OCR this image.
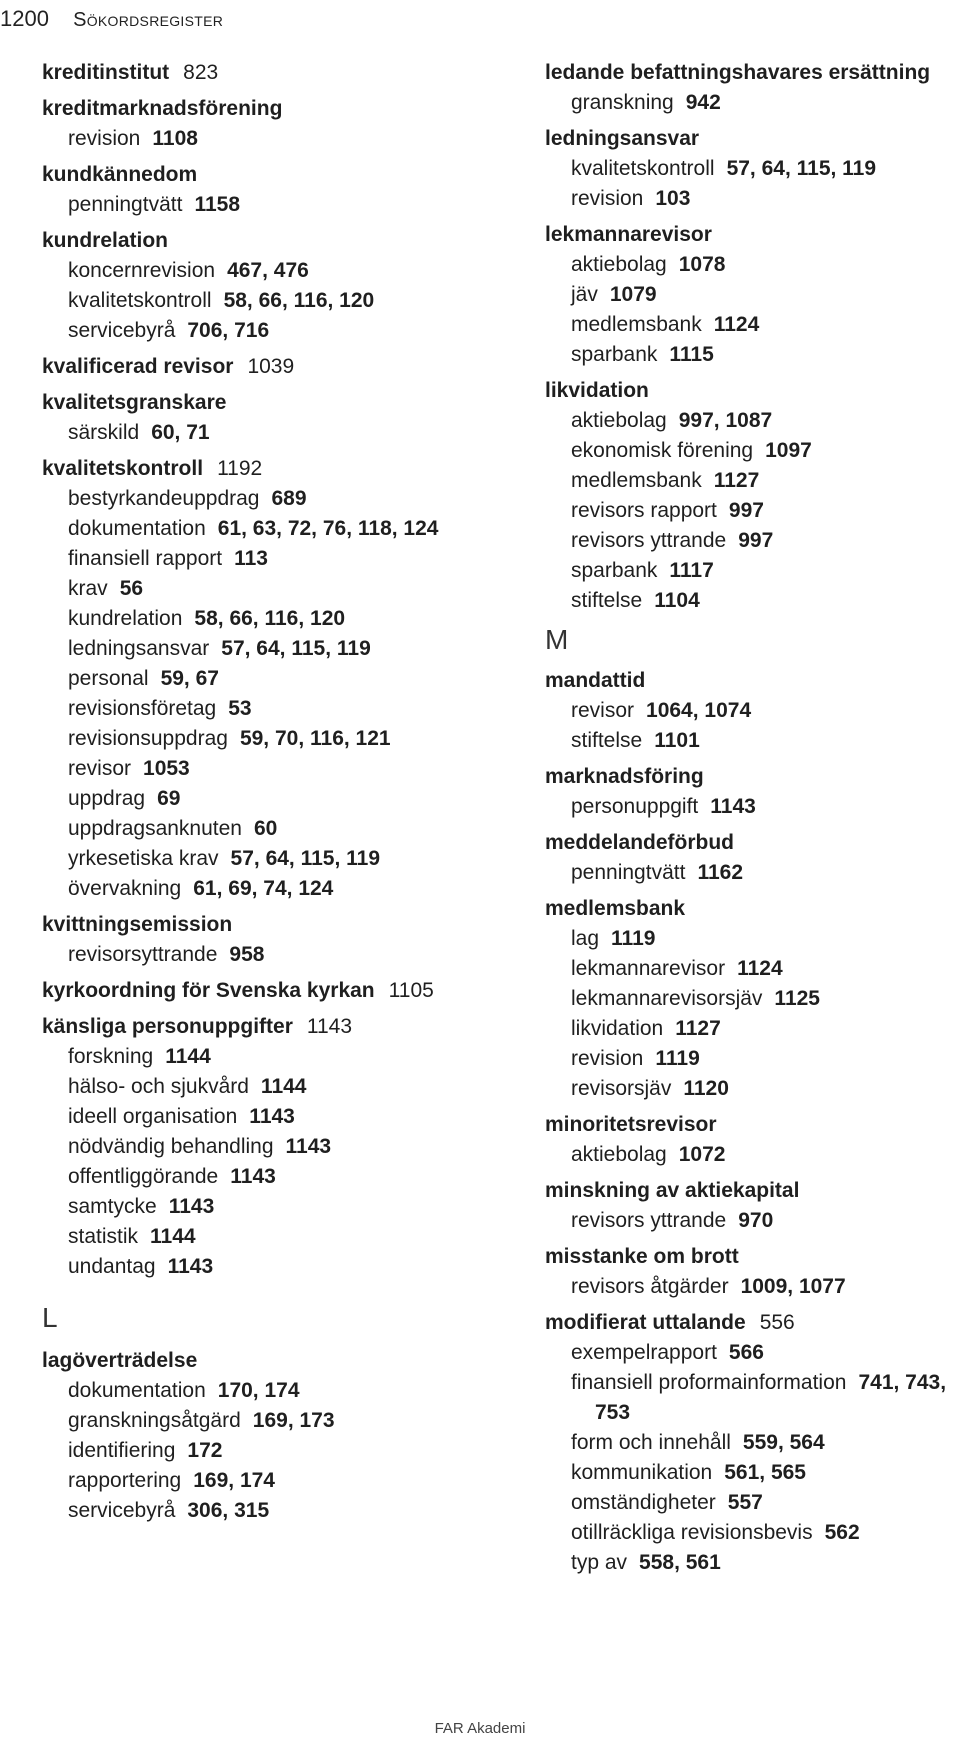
1200 Sökordsregister
kreditinstitut 823
kreditmarknadsförening
revision 1108
kundkännedom
penningtvätt 1158
kundrelation
koncernrevision 467, 476
kvalitetskontroll 58, 66, 116, 120
servicebyrå 706, 716
kvalificerad revisor 1039
kvalitetsgranskare
särskild 60, 71
kvalitetskontroll 1192
bestyrkandeuppdrag 689
dokumentation 61, 63, 72, 76, 118, 124
finansiell rapport 113
krav 56
kundrelation 58, 66, 116, 120
ledningsansvar 57, 64, 115, 119
personal 59, 67
revisionsföretag 53
revisionsuppdrag 59, 70, 116, 121
revisor 1053
uppdrag 69
uppdragsanknuten 60
yrkesetiska krav 57, 64, 115, 119
övervakning 61, 69, 74, 124
kvittningsemission
revisorsyttrande 958
kyrkoordning för Svenska kyrkan 1105
känsliga personuppgifter 1143
forskning 1144
hälso- och sjukvård 1144
ideell organisation 1143
nödvändig behandling 1143
offentliggörande 1143
samtycke 1143
statistik 1144
undantag 1143
L
lagöverträdelse
dokumentation 170, 174
granskningsåtgärd 169, 173
identifiering 172
rapportering 169, 174
servicebyrå 306, 315
ledande befattningshavares ersättning
granskning 942
ledningsansvar
kvalitetskontroll 57, 64, 115, 119
revision 103
lekmannarevisor
aktiebolag 1078
jäv 1079
medlemsbank 1124
sparbank 1115
likvidation
aktiebolag 997, 1087
ekonomisk förening 1097
medlemsbank 1127
revisors rapport 997
revisors yttrande 997
sparbank 1117
stiftelse 1104
M
mandattid
revisor 1064, 1074
stiftelse 1101
marknadsföring
personuppgift 1143
meddelandeförbud
penningtvätt 1162
medlemsbank
lag 1119
lekmannarevisor 1124
lekmannarevisorsjäv 1125
likvidation 1127
revision 1119
revisorsjäv 1120
minoritetsrevisor
aktiebolag 1072
minskning av aktiekapital
revisors yttrande 970
misstanke om brott
revisors åtgärder 1009, 1077
modifierat uttalande 556
exempelrapport 566
finansiell proformainformation 741, 743, 753
form och innehåll 559, 564
kommunikation 561, 565
omständigheter 557
otillräckliga revisionsbevis 562
typ av 558, 561
FAR Akademi
